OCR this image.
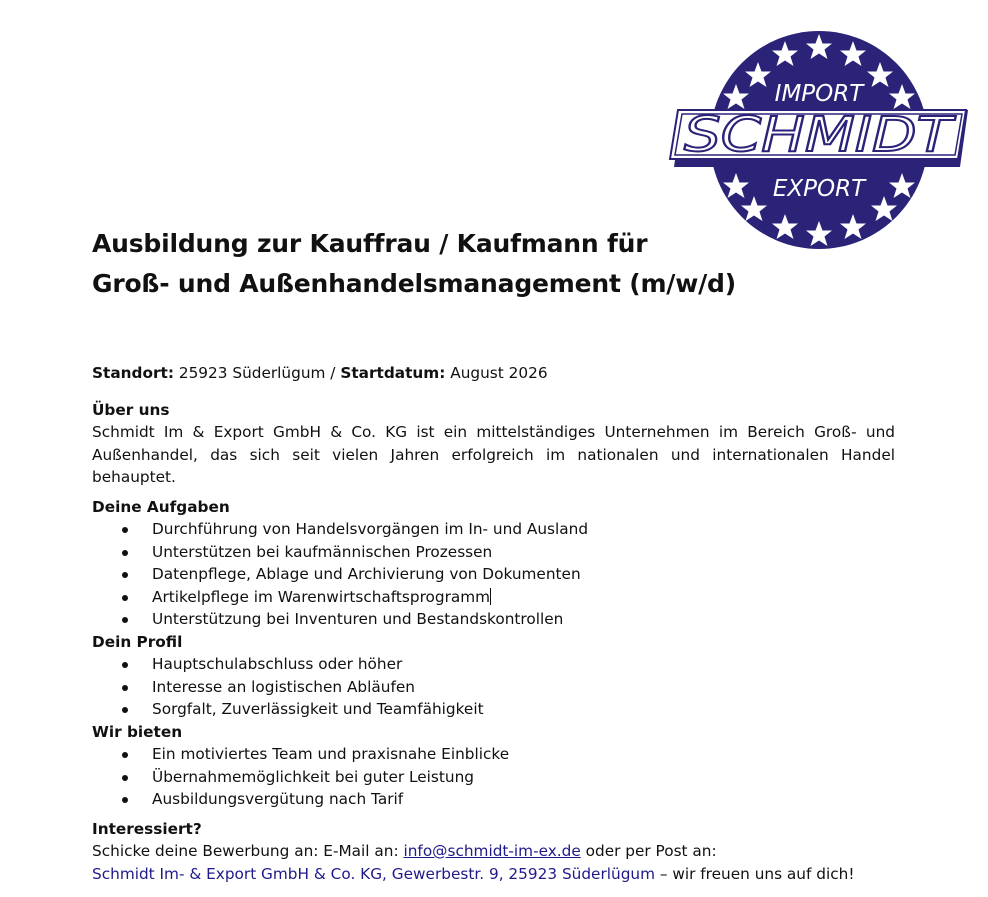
IMPORT
SCHMIDT
EXPORT
Ausbildung zur Kauffrau / Kaufmann für
Groß- und Außenhandelsmanagement (m/w/d)

Standort: 25923 Süderlügum / Startdatum: August 2026

Über uns

Schmidt Im & Export GmbH & Co. KG ist ein mittelständiges Unternehmen im Bereich Groß- und Außenhandel, das sich seit vielen Jahren erfolgreich im nationalen und internationalen Handel behauptet.

Deine Aufgaben

Durchführung von Handelsvorgängen im In- und Ausland
Unterstützen bei kaufmännischen Prozessen
Datenpflege, Ablage und Archivierung von Dokumenten
Artikelpflege im Warenwirtschaftsprogramm
Unterstützung bei Inventuren und Bestandskontrollen

Dein Profil

Hauptschulabschluss oder höher
Interesse an logistischen Abläufen
Sorgfalt, Zuverlässigkeit und Teamfähigkeit

Wir bieten

Ein motiviertes Team und praxisnahe Einblicke
Übernahmemöglichkeit bei guter Leistung
Ausbildungsvergütung nach Tarif

Interessiert?

Schicke deine Bewerbung an: E-Mail an: info@schmidt-im-ex.de oder per Post an:

Schmidt Im- & Export GmbH & Co. KG, Gewerbestr. 9, 25923 Süderlügum – wir freuen uns auf dich!
